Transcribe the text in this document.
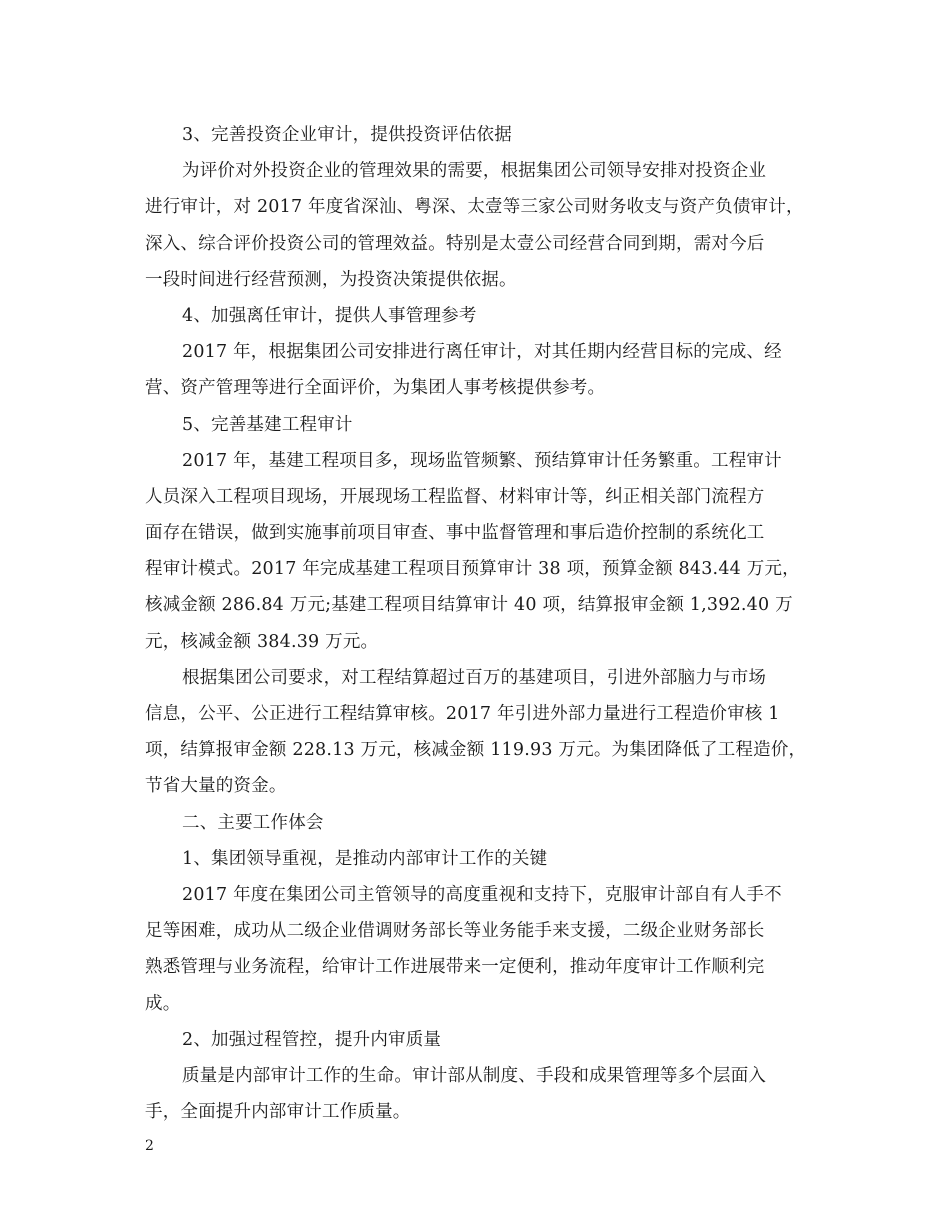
3、完善投资企业审计，提供投资评估依据
为评价对外投资企业的管理效果的需要，根据集团公司领导安排对投资企业
进行审计，对 2017 年度省深汕、粤深、太壹等三家公司财务收支与资产负债审计，
深入、综合评价投资公司的管理效益。特别是太壹公司经营合同到期，需对今后
一段时间进行经营预测，为投资决策提供依据。
4、加强离任审计，提供人事管理参考
2017 年，根据集团公司安排进行离任审计，对其任期内经营目标的完成、经
营、资产管理等进行全面评价，为集团人事考核提供参考。
5、完善基建工程审计
2017 年，基建工程项目多，现场监管频繁、预结算审计任务繁重。工程审计
人员深入工程项目现场，开展现场工程监督、材料审计等，纠正相关部门流程方
面存在错误，做到实施事前项目审查、事中监督管理和事后造价控制的系统化工
程审计模式。2017 年完成基建工程项目预算审计 38 项，预算金额 843.44 万元，
核减金额 286.84 万元;基建工程项目结算审计 40 项，结算报审金额 1,392.40 万
元，核减金额 384.39 万元。
根据集团公司要求，对工程结算超过百万的基建项目，引进外部脑力与市场
信息，公平、公正进行工程结算审核。2017 年引进外部力量进行工程造价审核 1
项，结算报审金额 228.13 万元，核减金额 119.93 万元。为集团降低了工程造价，
节省大量的资金。
二、主要工作体会
1、集团领导重视，是推动内部审计工作的关键
2017 年度在集团公司主管领导的高度重视和支持下，克服审计部自有人手不
足等困难，成功从二级企业借调财务部长等业务能手来支援，二级企业财务部长
熟悉管理与业务流程，给审计工作进展带来一定便利，推动年度审计工作顺利完
成。
2、加强过程管控，提升内审质量
质量是内部审计工作的生命。审计部从制度、手段和成果管理等多个层面入
手，全面提升内部审计工作质量。
2
